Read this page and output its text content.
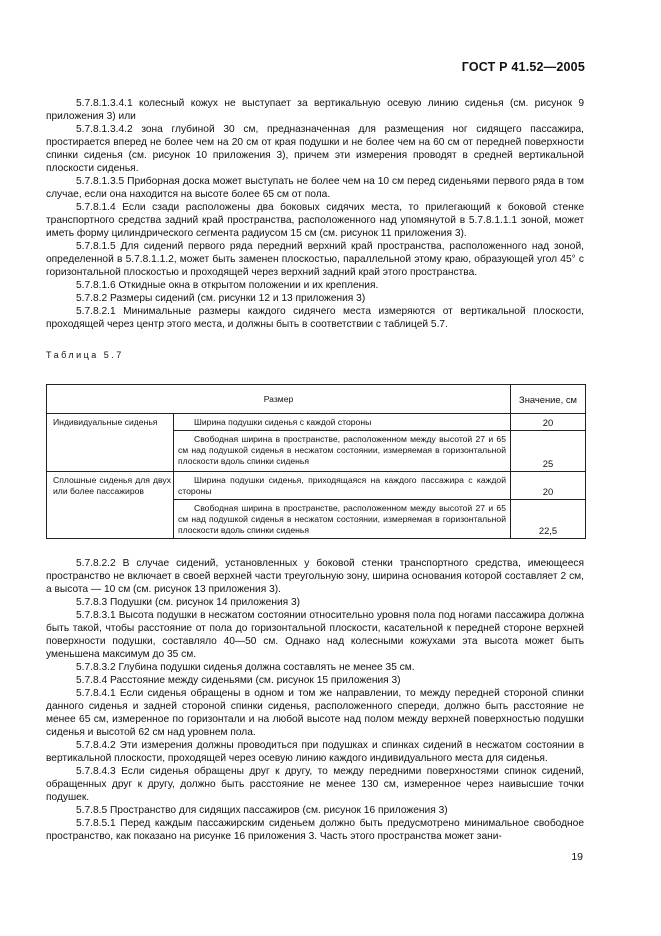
ГОСТ Р 41.52—2005

5.7.8.1.3.4.1 колесный кожух не выступает за вертикальную осевую линию сиденья (см. рисунок 9 приложения 3) или

5.7.8.1.3.4.2 зона глубиной 30 см, предназначенная для размещения ног сидящего пассажира, простирается вперед не более чем на 20 см от края подушки и не более чем на 60 см от передней поверхности спинки сиденья (см. рисунок 10 приложения 3), причем эти измерения проводят в средней вертикальной плоскости сиденья.

5.7.8.1.3.5 Приборная доска может выступать не более чем на 10 см перед сиденьями первого ряда в том случае, если она находится на высоте более 65 см от пола.

5.7.8.1.4 Если сзади расположены два боковых сидячих места, то прилегающий к боковой стенке транспортного средства задний край пространства, расположенного над упомянутой в 5.7.8.1.1.1 зоной, может иметь форму цилиндрического сегмента радиусом 15 см (см. рисунок 11 приложения 3).

5.7.8.1.5 Для сидений первого ряда передний верхний край пространства, расположенного над зоной, определенной в 5.7.8.1.1.2, может быть заменен плоскостью, параллельной этому краю, образующей угол 45° с горизонтальной плоскостью и проходящей через верхний задний край этого пространства.

5.7.8.1.6 Откидные окна в открытом положении и их крепления.

5.7.8.2 Размеры сидений (см. рисунки 12 и 13 приложения 3)

5.7.8.2.1 Минимальные размеры каждого сидячего места измеряются от вертикальной плоскости, проходящей через центр этого места, и должны быть в соответствии с таблицей 5.7.

Таблица 5.7
Размер		Значение, см

Индивидуальные сиденья	Ширина подушки сиденья с каждой стороны	20
	Свободная ширина в пространстве, расположенном между высотой 27 и 65 см над подушкой сиденья в несжатом состоянии, измеряемая в горизонтальной плоскости вдоль спинки сиденья	25

Сплошные сиденья для двух или более пассажиров	Ширина подушки сиденья, приходящаяся на каждого пассажира с каждой стороны	20
	Свободная ширина в пространстве, расположенном между высотой 27 и 65 см над подушкой сиденья в несжатом состоянии, измеряемая в горизонтальной плоскости вдоль спинки сиденья	22,5

5.7.8.2.2 В случае сидений, установленных у боковой стенки транспортного средства, имеющееся пространство не включает в своей верхней части треугольную зону, ширина основания которой составляет 2 см, а высота — 10 см (см. рисунок 13 приложения 3).

5.7.8.3 Подушки (см. рисунок 14 приложения 3)

5.7.8.3.1 Высота подушки в несжатом состоянии относительно уровня пола под ногами пассажира должна быть такой, чтобы расстояние от пола до горизонтальной плоскости, касательной к передней стороне верхней поверхности подушки, составляло 40—50 см. Однако над колесными кожухами эта высота может быть уменьшена максимум до 35 см.

5.7.8.3.2 Глубина подушки сиденья должна составлять не менее 35 см.

5.7.8.4 Расстояние между сиденьями (см. рисунок 15 приложения 3)

5.7.8.4.1 Если сиденья обращены в одном и том же направлении, то между передней стороной спинки данного сиденья и задней стороной спинки сиденья, расположенного спереди, должно быть расстояние не менее 65 см, измеренное по горизонтали и на любой высоте над полом между верхней поверхностью подушки сиденья и высотой 62 см над уровнем пола.

5.7.8.4.2 Эти измерения должны проводиться при подушках и спинках сидений в несжатом состоянии в вертикальной плоскости, проходящей через осевую линию каждого индивидуального места для сиденья.

5.7.8.4.3 Если сиденья обращены друг к другу, то между передними поверхностями спинок сидений, обращенных друг к другу, должно быть расстояние не менее 130 см, измеренное через наивысшие точки подушек.

5.7.8.5 Пространство для сидящих пассажиров (см. рисунок 16 приложения 3)

5.7.8.5.1 Перед каждым пассажирским сиденьем должно быть предусмотрено минимальное свободное пространство, как показано на рисунке 16 приложения 3. Часть этого пространства может зани-

19
